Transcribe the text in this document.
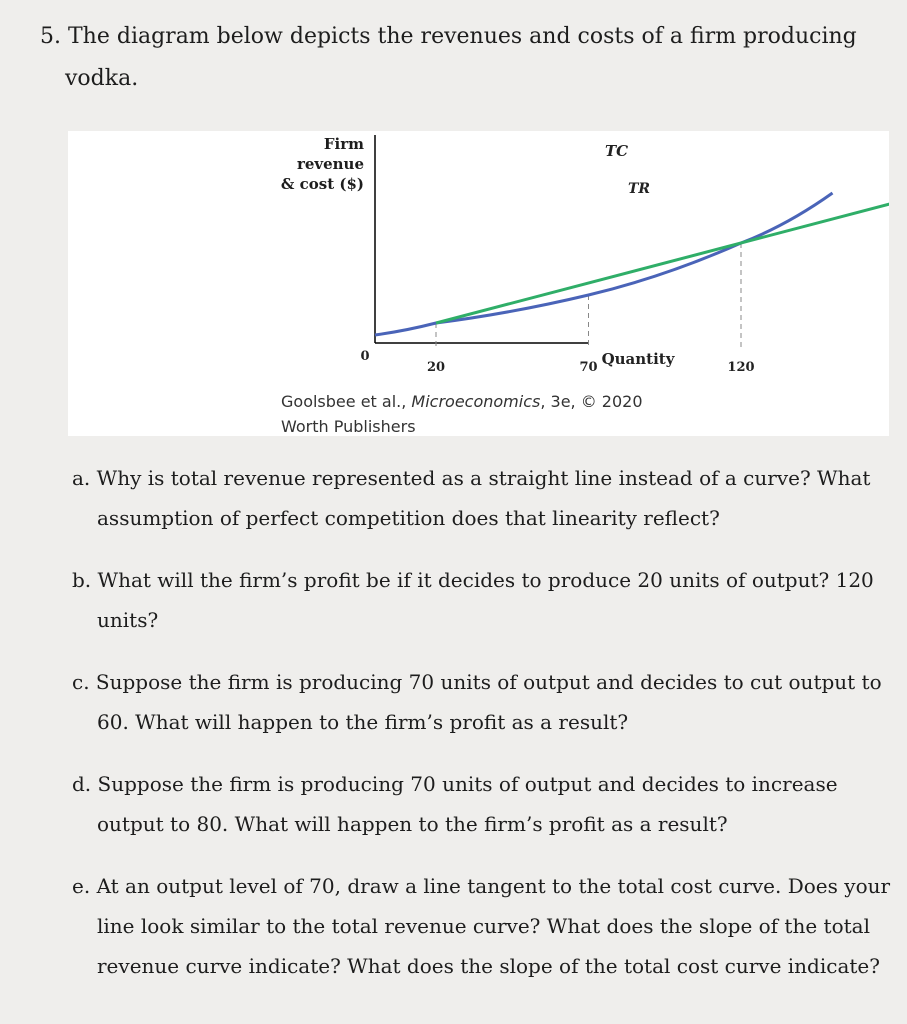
5. The diagram below depicts the revenues and costs of a firm producing
vodka.
Firm
revenue
& cost ($)
0
20	70	120
Quantity
TC
TR
Goolsbee et al., Microeconomics, 3e, © 2020
Worth Publishers
a. Why is total revenue represented as a straight line instead of a curve? What assumption of perfect competition does that linearity reflect?
b. What will the firm’s profit be if it decides to produce 20 units of output? 120 units?
c. Suppose the firm is producing 70 units of output and decides to cut output to 60. What will happen to the firm’s profit as a result?
d. Suppose the firm is producing 70 units of output and decides to increase output to 80. What will happen to the firm’s profit as a result?
e. At an output level of 70, draw a line tangent to the total cost curve. Does your line look similar to the total revenue curve? What does the slope of the total revenue curve indicate? What does the slope of the total cost curve indicate?
